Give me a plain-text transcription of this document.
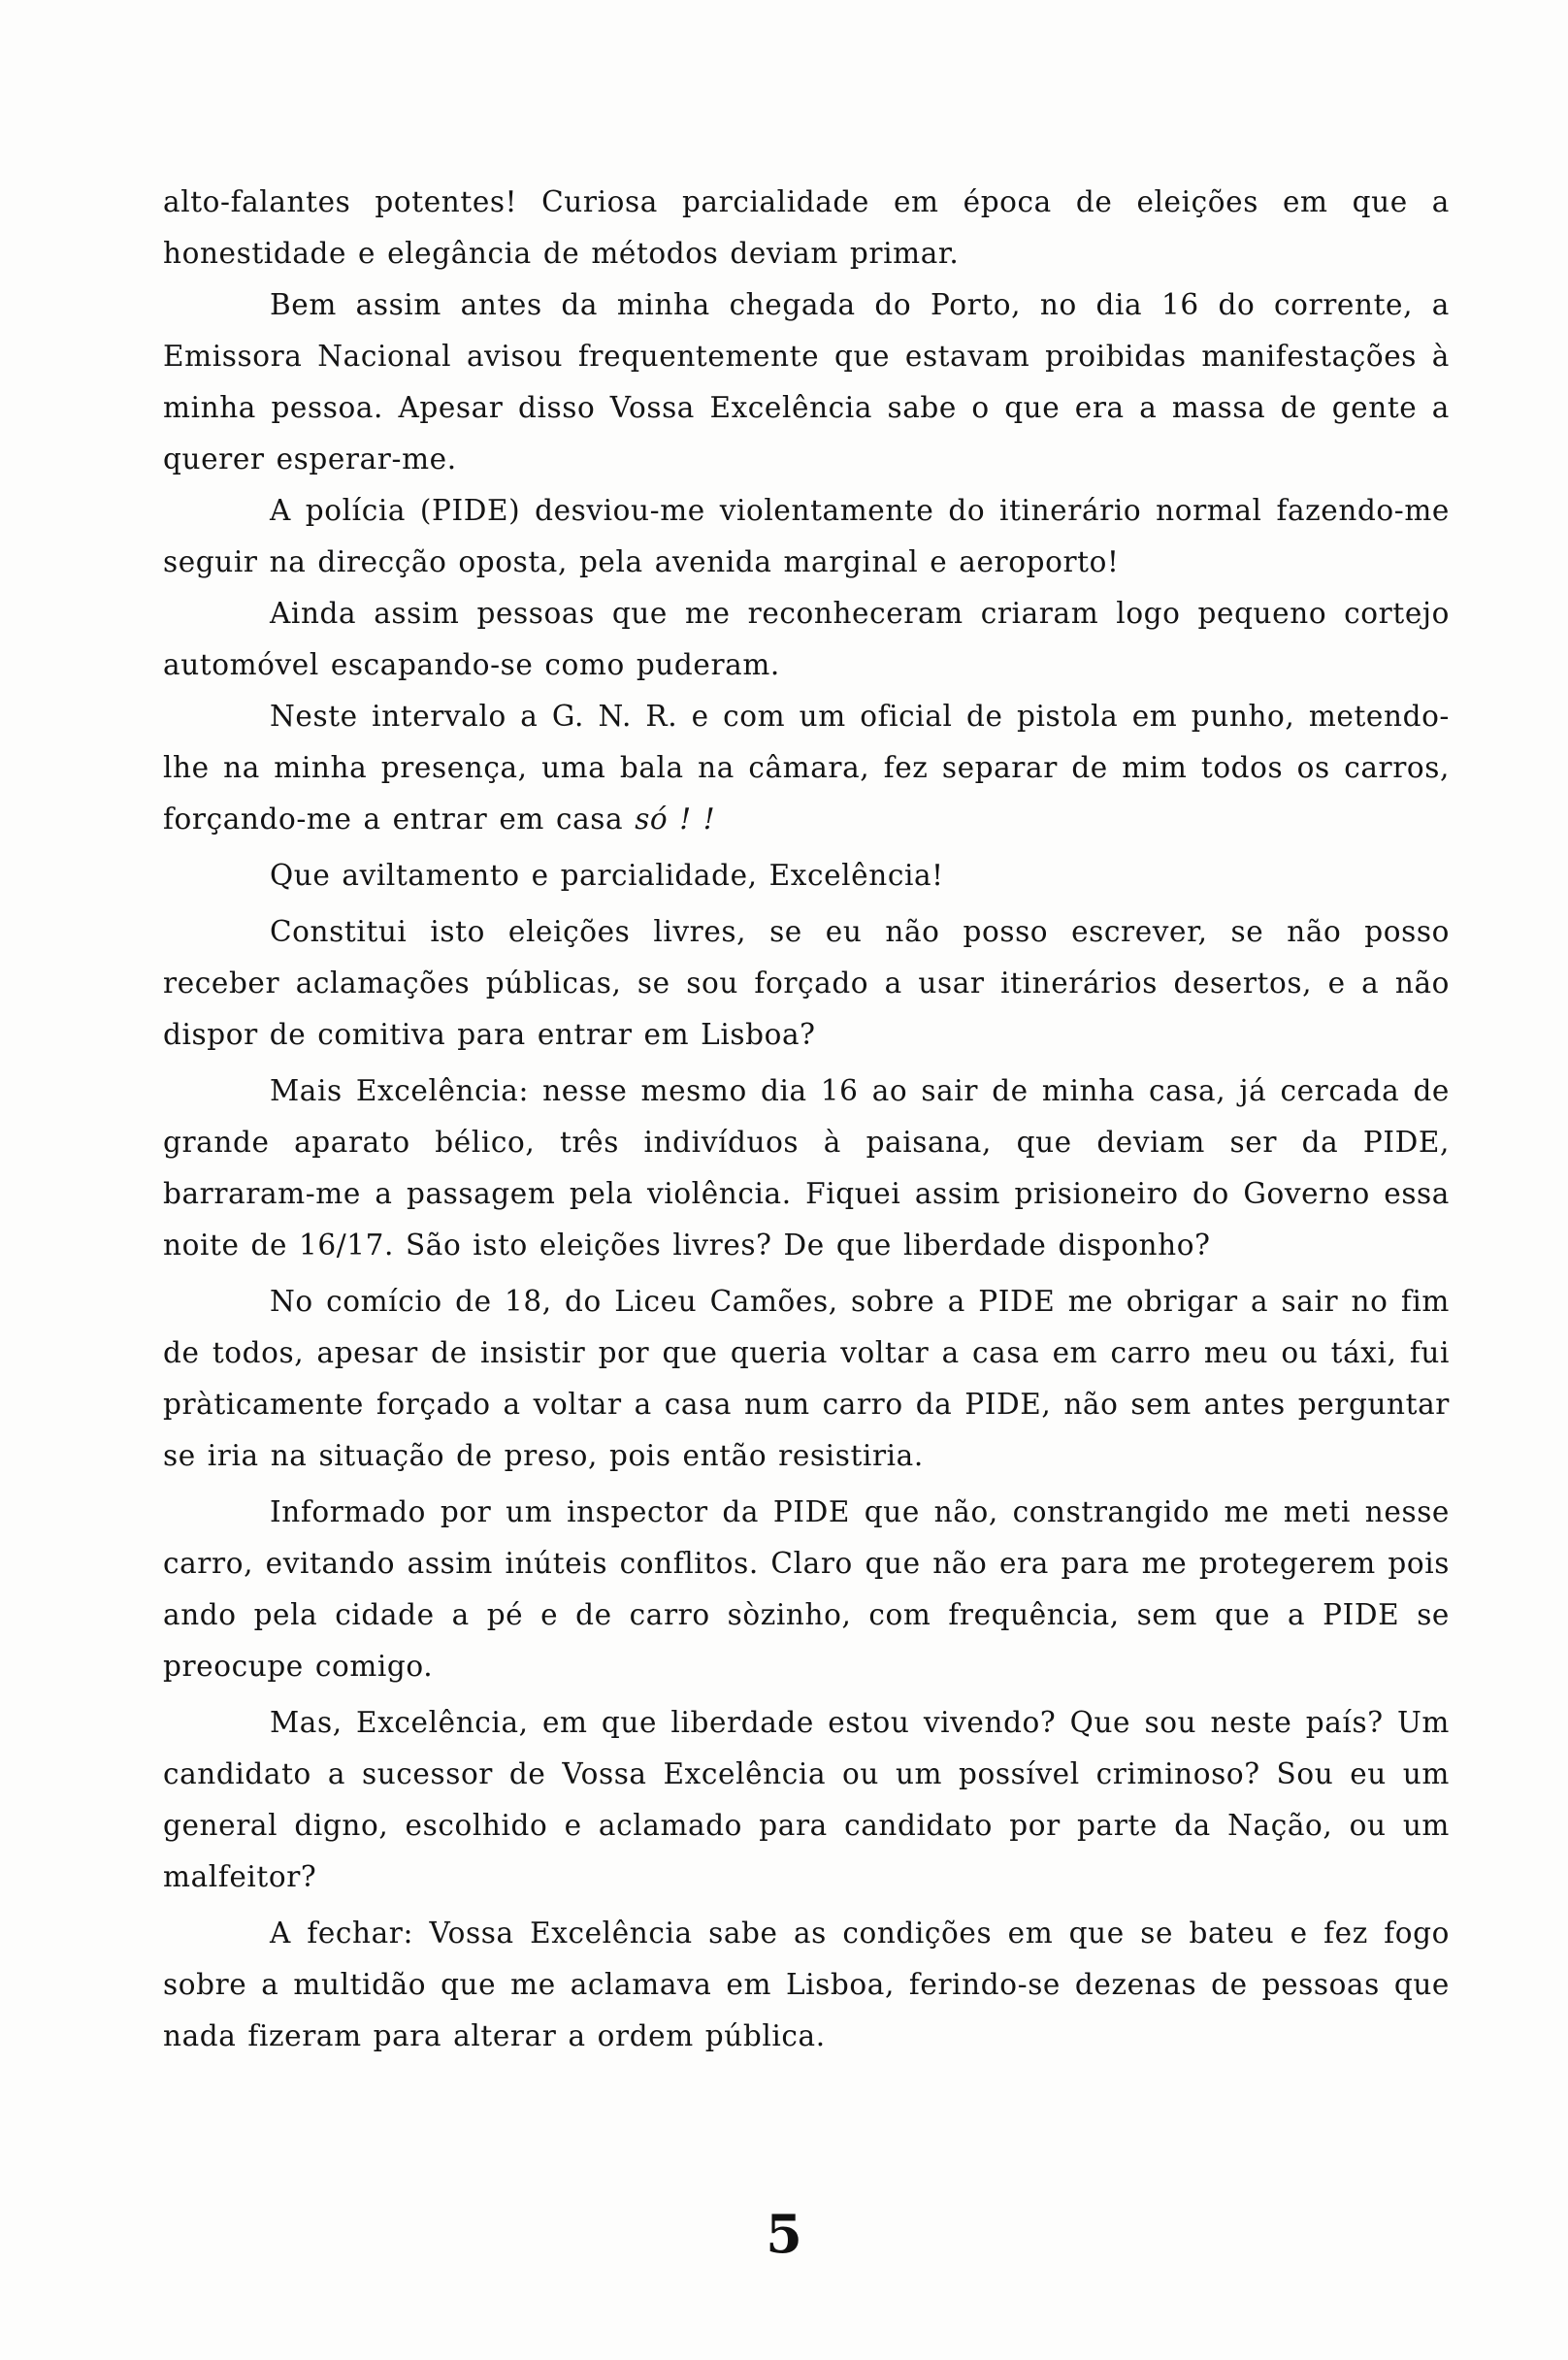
alto-falantes potentes! Curiosa parcialidade em época de eleições em que a honestidade e elegância de métodos deviam primar.

Bem assim antes da minha chegada do Porto, no dia 16 do corrente, a Emissora Nacional avisou frequentemente que estavam proibidas manifestações à minha pessoa. Apesar disso Vossa Excelência sabe o que era a massa de gente a querer esperar-me.

A polícia (PIDE) desviou-me violentamente do itinerário normal fazendo-me seguir na direcção oposta, pela avenida marginal e aeroporto!

Ainda assim pessoas que me reconheceram criaram logo pequeno cortejo automóvel escapando-se como puderam.

Neste intervalo a G. N. R. e com um oficial de pistola em punho, metendo-lhe na minha presença, uma bala na câmara, fez separar de mim todos os carros, forçando-me a entrar em casa só ! !

Que aviltamento e parcialidade, Excelência!

Constitui isto eleições livres, se eu não posso escrever, se não posso receber aclamações públicas, se sou forçado a usar itinerários desertos, e a não dispor de comitiva para entrar em Lisboa?

Mais Excelência: nesse mesmo dia 16 ao sair de minha casa, já cercada de grande aparato bélico, três indivíduos à paisana, que deviam ser da PIDE, barraram-me a passagem pela violência. Fiquei assim prisioneiro do Governo essa noite de 16/17. São isto eleições livres? De que liberdade disponho?

No comício de 18, do Liceu Camões, sobre a PIDE me obrigar a sair no fim de todos, apesar de insistir por que queria voltar a casa em carro meu ou táxi, fui pràticamente forçado a voltar a casa num carro da PIDE, não sem antes perguntar se iria na situação de preso, pois então resistiria.

Informado por um inspector da PIDE que não, constrangido me meti nesse carro, evitando assim inúteis conflitos. Claro que não era para me protegerem pois ando pela cidade a pé e de carro sòzinho, com frequência, sem que a PIDE se preocupe comigo.

Mas, Excelência, em que liberdade estou vivendo? Que sou neste país? Um candidato a sucessor de Vossa Excelência ou um possível criminoso? Sou eu um general digno, escolhido e aclamado para candidato por parte da Nação, ou um malfeitor?

A fechar: Vossa Excelência sabe as condições em que se bateu e fez fogo sobre a multidão que me aclamava em Lisboa, ferindo-se dezenas de pessoas que nada fizeram para alterar a ordem pública.

5
